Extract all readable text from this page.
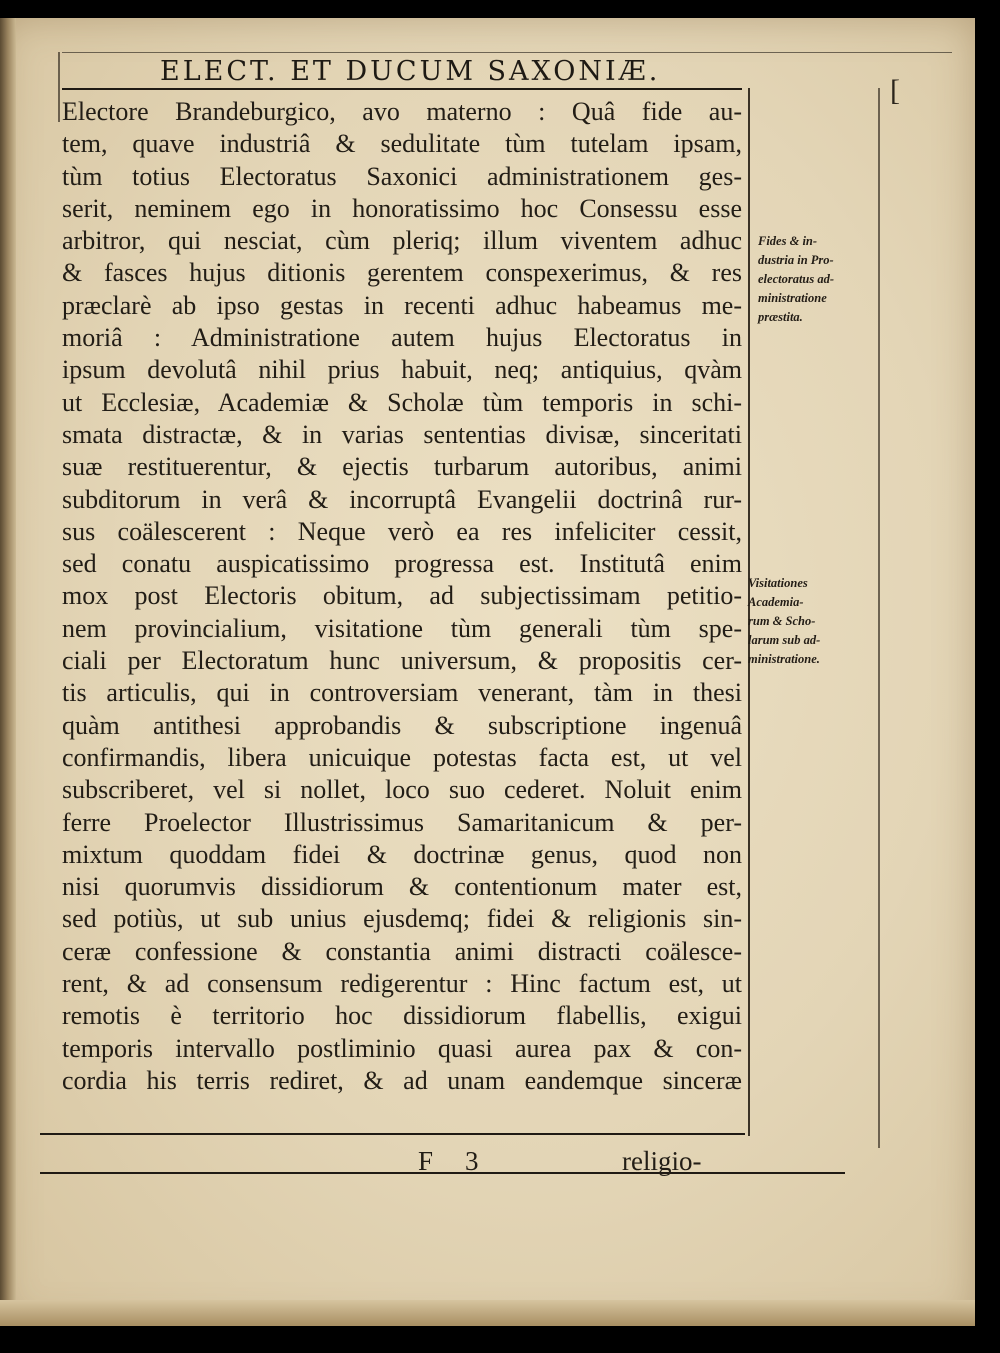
ELECT. ET DUCUM SAXONIÆ.
[
Electore Brandeburgico, avo materno : Quâ fide au-
tem, quave industriâ & sedulitate tùm tutelam ipsam,
tùm totius Electoratus Saxonici administrationem ges-
serit, neminem ego in honoratissimo hoc Consessu esse
arbitror, qui nesciat, cùm pleriq; illum viventem adhuc
& fasces hujus ditionis gerentem conspexerimus, & res
præclarè ab ipso gestas in recenti adhuc habeamus me-
moriâ : Administratione autem hujus Electoratus in
ipsum devolutâ nihil prius habuit, neq; antiquius, qvàm
ut Ecclesiæ, Academiæ & Scholæ tùm temporis in schi-
smata distractæ, & in varias sententias divisæ, sinceritati
suæ restituerentur, & ejectis turbarum autoribus, animi
subditorum in verâ & incorruptâ Evangelii doctrinâ rur-
sus coälescerent : Neque verò ea res infeliciter cessit,
sed conatu auspicatissimo progressa est. Institutâ enim
mox post Electoris obitum, ad subjectissimam petitio-
nem provincialium, visitatione tùm generali tùm spe-
ciali per Electoratum hunc universum, & propositis cer-
tis articulis, qui in controversiam venerant, tàm in thesi
quàm antithesi approbandis & subscriptione ingenuâ
confirmandis, libera unicuique potestas facta est, ut vel
subscriberet, vel si nollet, loco suo cederet. Noluit enim
ferre Proelector Illustrissimus Samaritanicum & per-
mixtum quoddam fidei & doctrinæ genus, quod non
nisi quorumvis dissidiorum & contentionum mater est,
sed potiùs, ut sub unius ejusdemq; fidei & religionis sin-
ceræ confessione & constantia animi distracti coälesce-
rent, & ad consensum redigerentur : Hinc factum est, ut
remotis è territorio hoc dissidiorum flabellis, exigui
temporis intervallo postliminio quasi aurea pax & con-
cordia his terris rediret, & ad unam eandemque sinceræ
Fides & in-
dustria in Pro-
electoratus ad-
ministratione
præstita.
Visitationes
Academia-
rum & Scho-
larum sub ad-
ministratione.
F 3	religio-
